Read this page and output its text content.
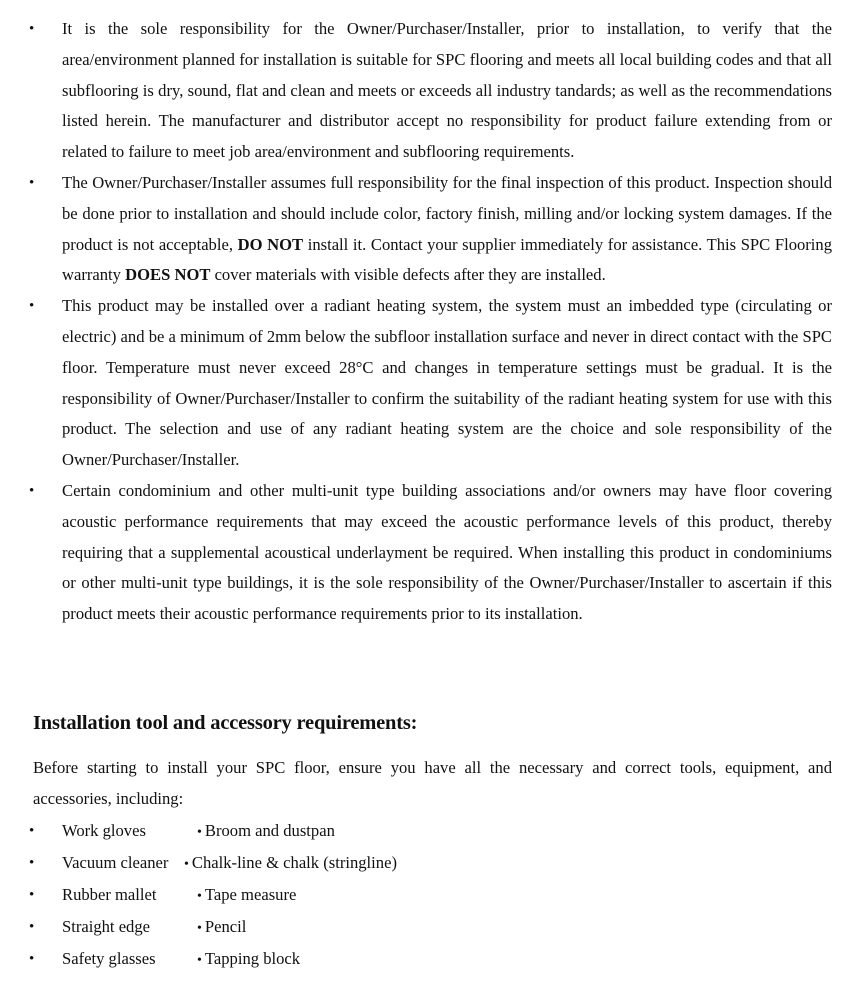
• It is the sole responsibility for the Owner/Purchaser/Installer, prior to installation, to verify that the area/environment planned for installation is suitable for SPC flooring and meets all local building codes and that all subflooring is dry, sound, flat and clean and meets or exceeds all industry tandards; as well as the recommendations listed herein. The manufacturer and distributor accept no responsibility for product failure extending from or related to failure to meet job area/environment and subflooring requirements.
• The Owner/Purchaser/Installer assumes full responsibility for the final inspection of this product. Inspection should be done prior to installation and should include color, factory finish, milling and/or locking system damages. If the product is not acceptable, DO NOT install it. Contact your supplier immediately for assistance. This SPC Flooring warranty DOES NOT cover materials with visible defects after they are installed.
• This product may be installed over a radiant heating system, the system must an imbedded type (circulating or electric) and be a minimum of 2mm below the subfloor installation surface and never in direct contact with the SPC floor. Temperature must never exceed 28°C and changes in temperature settings must be gradual. It is the responsibility of Owner/Purchaser/Installer to confirm the suitability of the radiant heating system for use with this product. The selection and use of any radiant heating system are the choice and sole responsibility of the Owner/Purchaser/Installer.
• Certain condominium and other multi-unit type building associations and/or owners may have floor covering acoustic performance requirements that may exceed the acoustic performance levels of this product, thereby requiring that a supplemental acoustical underlayment be required. When installing this product in condominiums or other multi-unit type buildings, it is the sole responsibility of the Owner/Purchaser/Installer to ascertain if this product meets their acoustic performance requirements prior to its installation.
Installation tool and accessory requirements:
Before starting to install your SPC floor, ensure you have all the necessary and correct tools, equipment, and accessories, including:
• Work gloves	• Broom and dustpan
• Vacuum cleaner • Chalk-line & chalk (stringline)
• Rubber mallet	• Tape measure
• Straight edge	• Pencil
• Safety glasses	• Tapping block
